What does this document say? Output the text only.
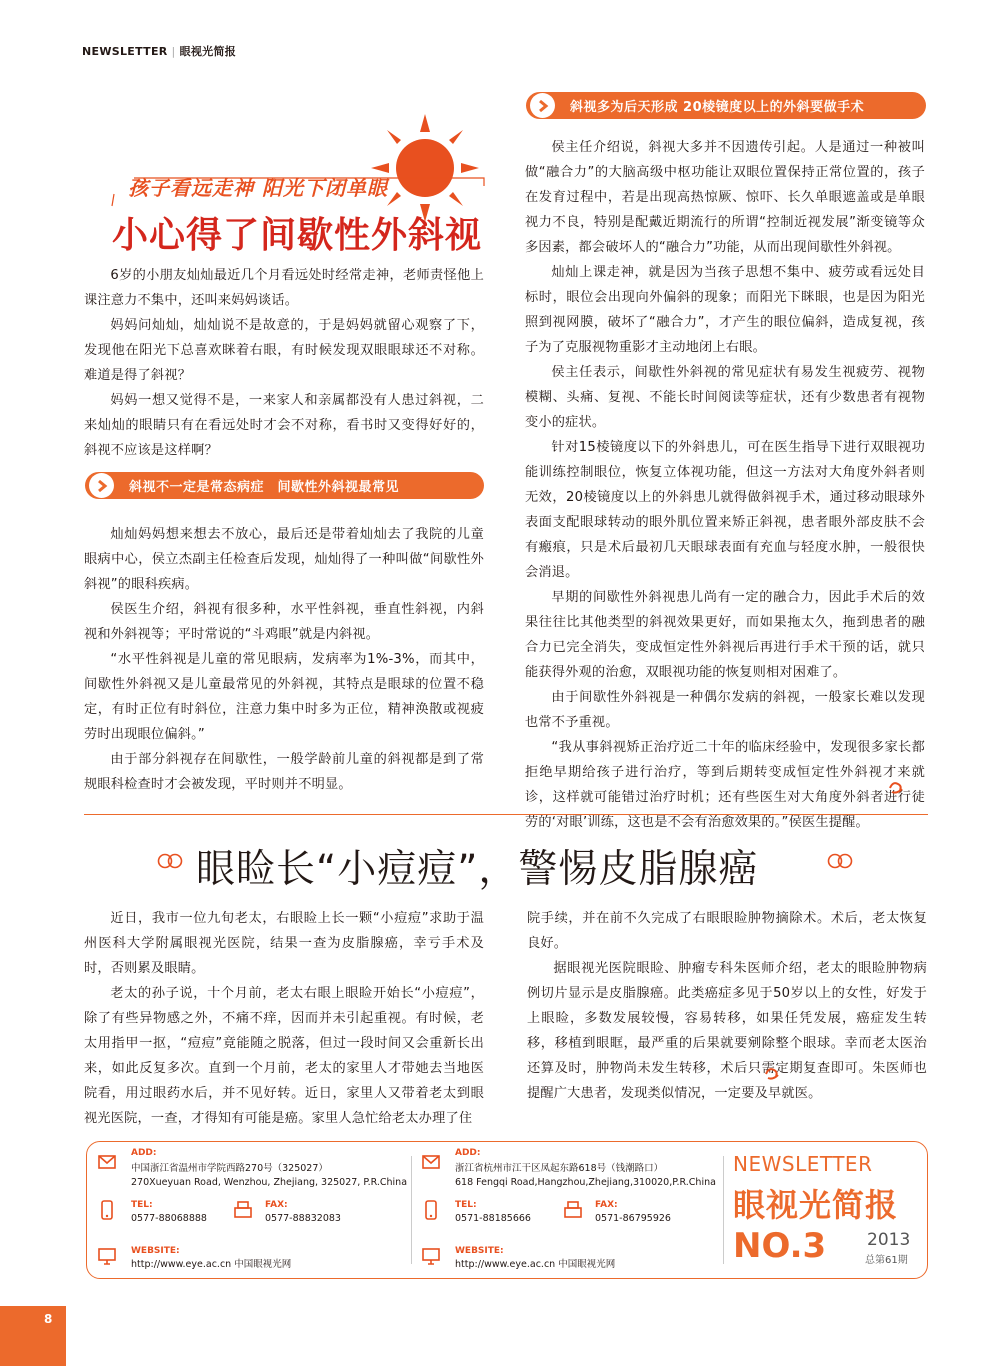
NEWSLETTER | 眼视光简报
孩子看远走神 阳光下闭单眼
小心得了间歇性外斜视

6岁的小朋友灿灿最近几个月看远处时经常走神，老师责怪他上课注意力不集中，还叫来妈妈谈话。

妈妈问灿灿，灿灿说不是故意的，于是妈妈就留心观察了下，发现他在阳光下总喜欢眯着右眼，有时候发现双眼眼球还不对称。难道是得了斜视？

妈妈一想又觉得不是，一来家人和亲属都没有人患过斜视，二来灿灿的眼睛只有在看远处时才会不对称，看书时又变得好好的，斜视不应该是这样啊？

斜视不一定是常态病症　间歇性外斜视最常见

灿灿妈妈想来想去不放心，最后还是带着灿灿去了我院的儿童眼病中心，侯立杰副主任检查后发现，灿灿得了一种叫做“间歇性外斜视”的眼科疾病。

侯医生介绍，斜视有很多种，水平性斜视，垂直性斜视，内斜视和外斜视等；平时常说的“斗鸡眼”就是内斜视。

“水平性斜视是儿童的常见眼病，发病率为1%-3%，而其中，间歇性外斜视又是儿童最常见的外斜视，其特点是眼球的位置不稳定，有时正位有时斜位，注意力集中时多为正位，精神涣散或视疲劳时出现眼位偏斜。”

由于部分斜视存在间歇性，一般学龄前儿童的斜视都是到了常规眼科检查时才会被发现，平时则并不明显。

斜视多为后天形成 20棱镜度以上的外斜要做手术

侯主任介绍说，斜视大多并不因遗传引起。人是通过一种被叫做“融合力”的大脑高级中枢功能让双眼位置保持正常位置的，孩子在发育过程中，若是出现高热惊厥、惊吓、长久单眼遮盖或是单眼视力不良，特别是配戴近期流行的所谓“控制近视发展”渐变镜等众多因素，都会破坏人的“融合力”功能，从而出现间歇性外斜视。

灿灿上课走神，就是因为当孩子思想不集中、疲劳或看远处目标时，眼位会出现向外偏斜的现象；而阳光下眯眼，也是因为阳光照到视网膜，破坏了“融合力”，才产生的眼位偏斜，造成复视，孩子为了克服视物重影才主动地闭上右眼。

侯主任表示，间歇性外斜视的常见症状有易发生视疲劳、视物模糊、头痛、复视、不能长时间阅读等症状，还有少数患者有视物变小的症状。

针对15棱镜度以下的外斜患儿，可在医生指导下进行双眼视功能训练控制眼位，恢复立体视功能，但这一方法对大角度外斜者则无效，20棱镜度以上的外斜患儿就得做斜视手术，通过移动眼球外表面支配眼球转动的眼外肌位置来矫正斜视，患者眼外部皮肤不会有瘢痕，只是术后最初几天眼球表面有充血与轻度水肿，一般很快会消退。

早期的间歇性外斜视患儿尚有一定的融合力，因此手术后的效果往往比其他类型的斜视效果更好，而如果拖太久，拖到患者的融合力已完全消失，变成恒定性外斜视后再进行手术干预的话，就只能获得外观的治愈，双眼视功能的恢复则相对困难了。

由于间歇性外斜视是一种偶尔发病的斜视，一般家长难以发现也常不予重视。

“我从事斜视矫正治疗近二十年的临床经验中，发现很多家长都拒绝早期给孩子进行治疗，等到后期转变成恒定性外斜视才来就诊，这样就可能错过治疗时机；还有些医生对大角度外斜者进行徒劳的‘对眼’训练，这也是不会有治愈效果的。”侯医生提醒。

眼睑长“小痘痘”，警惕皮脂腺癌

近日，我市一位九旬老太，右眼睑上长一颗“小痘痘”求助于温州医科大学附属眼视光医院，结果一查为皮脂腺癌，幸亏手术及时，否则累及眼睛。

老太的孙子说，十个月前，老太右眼上眼睑开始长“小痘痘”，除了有些异物感之外，不痛不痒，因而并未引起重视。有时候，老太用指甲一抠，“痘痘”竟能随之脱落，但过一段时间又会重新长出来，如此反复多次。直到一个月前，老太的家里人才带她去当地医院看，用过眼药水后，并不见好转。近日，家里人又带着老太到眼视光医院，一查，才得知有可能是癌。家里人急忙给老太办理了住

院手续，并在前不久完成了右眼眼睑肿物摘除术。术后，老太恢复良好。

据眼视光医院眼睑、肿瘤专科朱医师介绍，老太的眼睑肿物病例切片显示是皮脂腺癌。此类癌症多见于50岁以上的女性，好发于上眼睑，多数发展较慢，容易转移，如果任凭发展，癌症发生转移，移植到眼眶，最严重的后果就要剜除整个眼球。幸而老太医治还算及时，肿物尚未发生转移，术后只需定期复查即可。朱医师也提醒广大患者，发现类似情况，一定要及早就医。

ADD:
中国浙江省温州市学院西路270号（325027）
270Xueyuan Road, Wenzhou, Zhejiang, 325027, P.R.China
TEL:
0577-88068888
FAX:
0577-88832083
WEBSITE:
http://www.eye.ac.cn 中国眼视光网
ADD:
浙江省杭州市江干区凤起东路618号（钱潮路口）
618 Fengqi Road,Hangzhou,Zhejiang,310020,P.R.China
TEL:
0571-88185666
FAX:
0571-86795926
WEBSITE:
http://www.eye.ac.cn 中国眼视光网
NEWSLETTER
眼视光简报
NO.3 2013
总第61期
8
